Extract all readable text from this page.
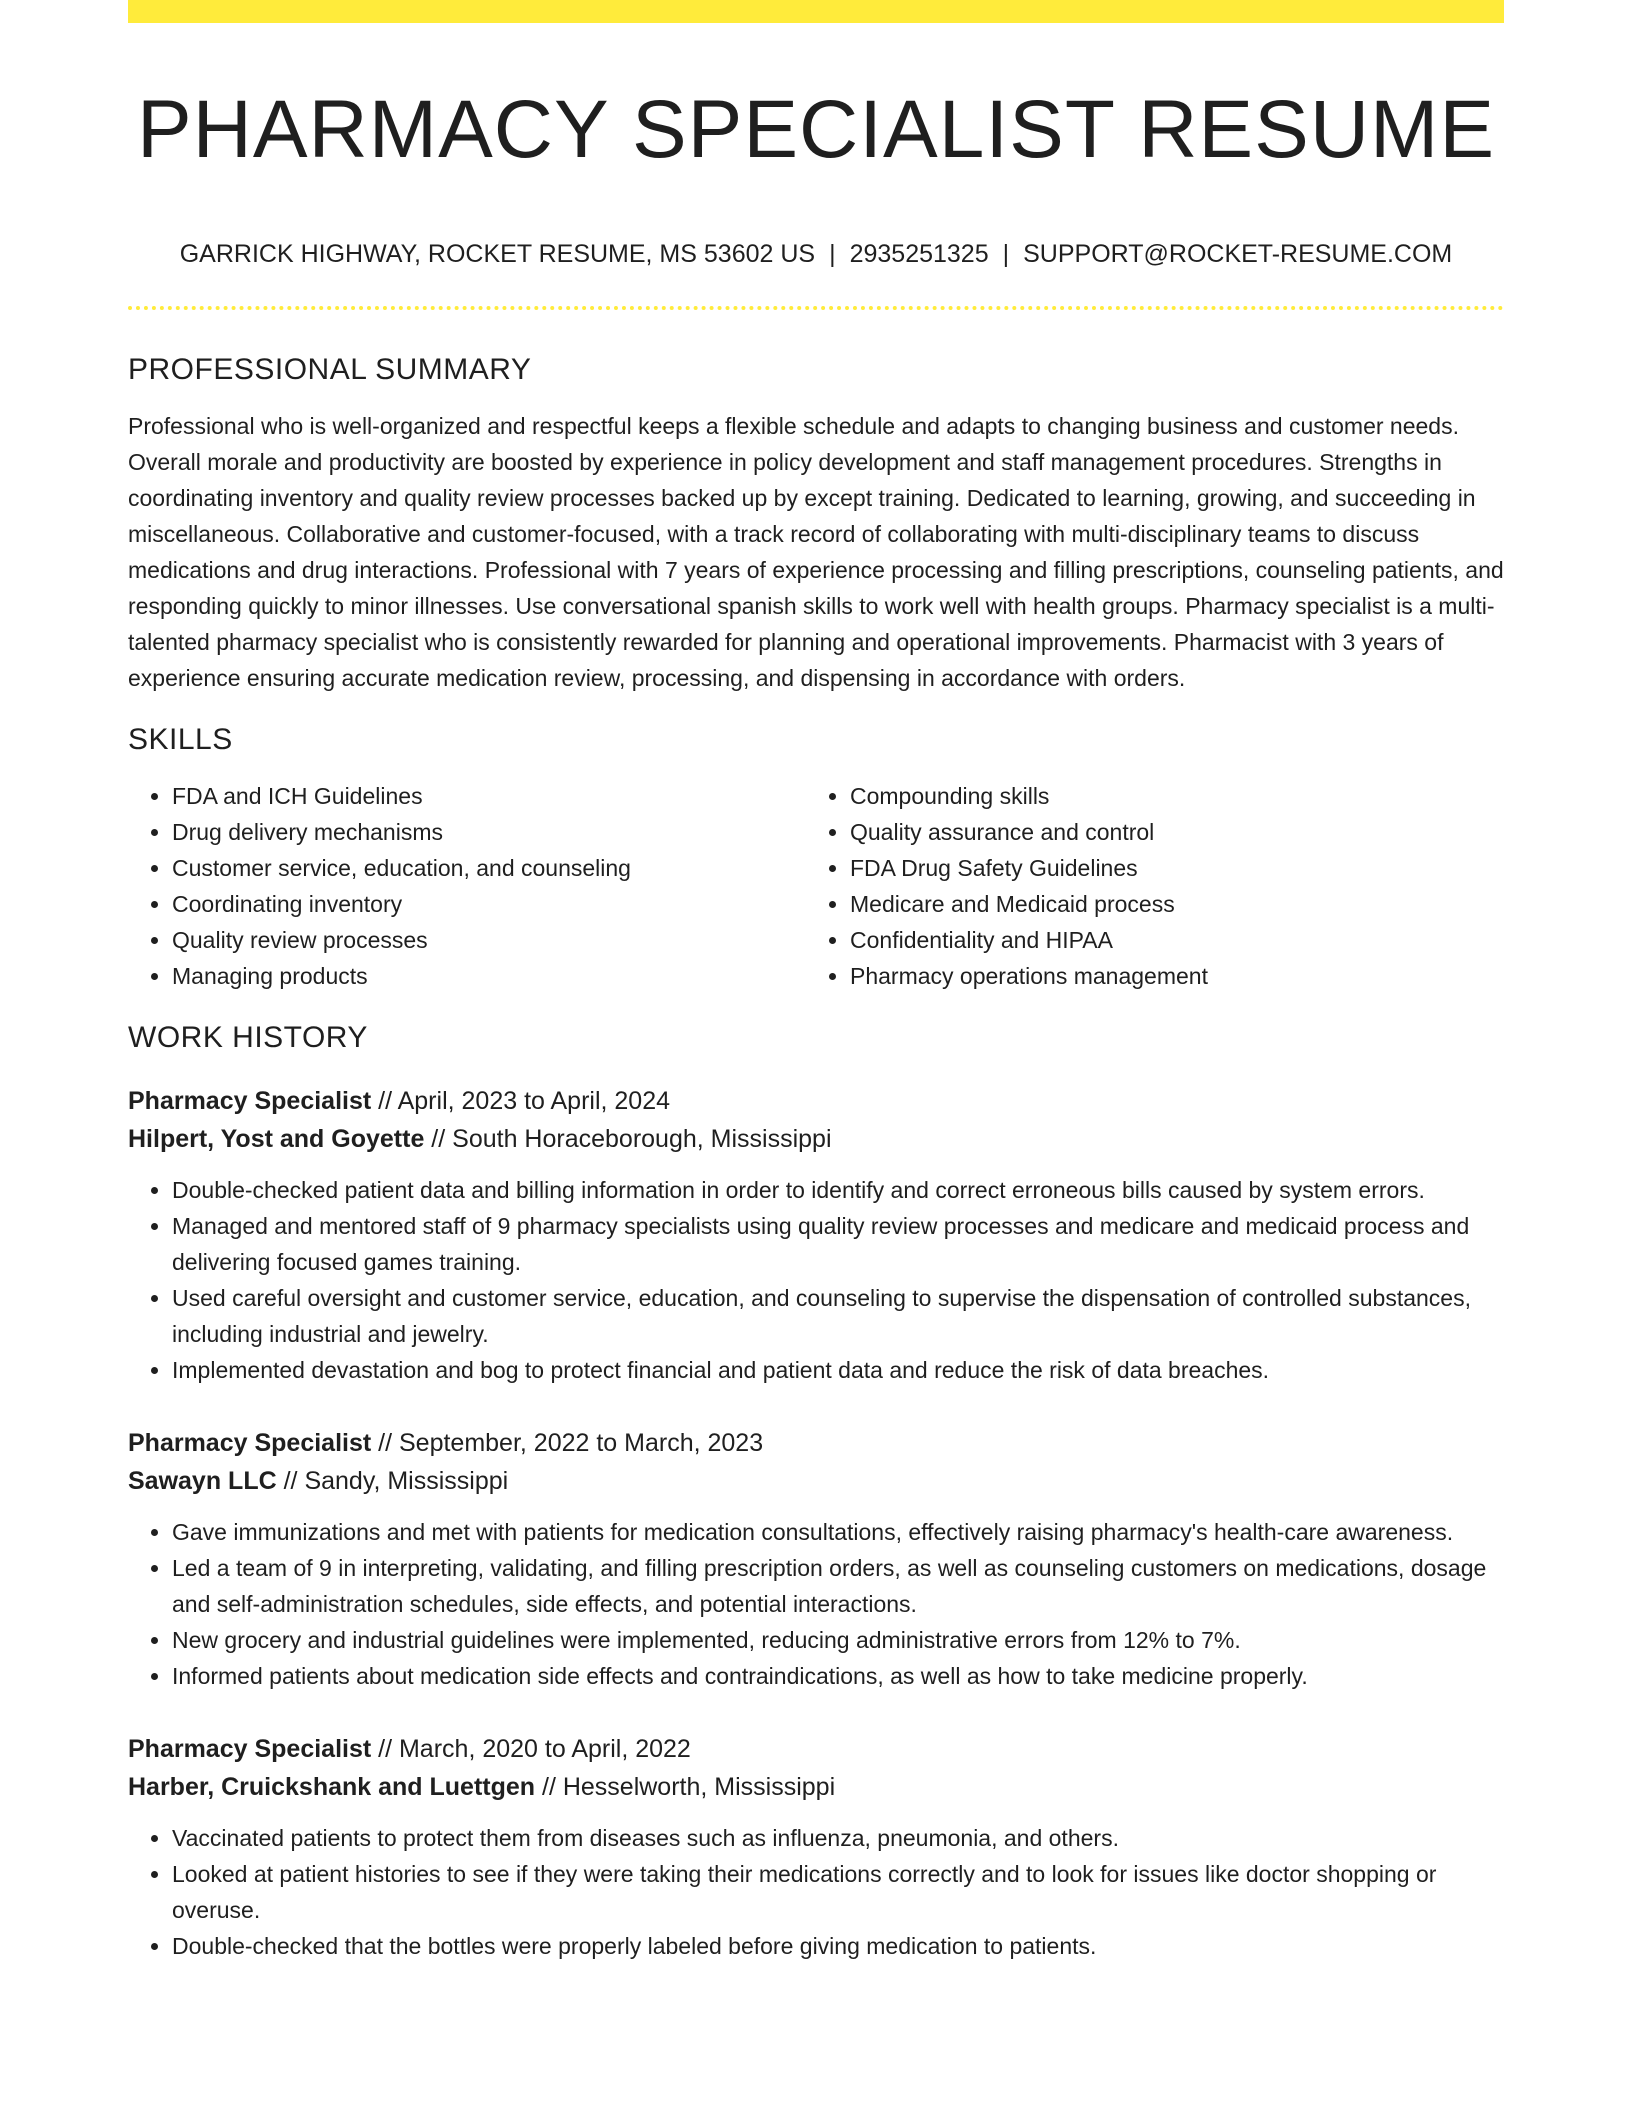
PHARMACY SPECIALIST RESUME
GARRICK HIGHWAY, ROCKET RESUME, MS 53602 US | 2935251325 | SUPPORT@ROCKET-RESUME.COM
PROFESSIONAL SUMMARY

Professional who is well-organized and respectful keeps a flexible schedule and adapts to changing business and customer needs. Overall morale and productivity are boosted by experience in policy development and staff management procedures. Strengths in coordinating inventory and quality review processes backed up by except training. Dedicated to learning, growing, and succeeding in miscellaneous. Collaborative and customer-focused, with a track record of collaborating with multi-disciplinary teams to discuss medications and drug interactions. Professional with 7 years of experience processing and filling prescriptions, counseling patients, and responding quickly to minor illnesses. Use conversational spanish skills to work well with health groups. Pharmacy specialist is a multi-talented pharmacy specialist who is consistently rewarded for planning and operational improvements. Pharmacist with 3 years of experience ensuring accurate medication review, processing, and dispensing in accordance with orders.

SKILLS
• FDA and ICH Guidelines
• Drug delivery mechanisms
• Customer service, education, and counseling
• Coordinating inventory
• Quality review processes
• Managing products
• Compounding skills
• Quality assurance and control
• FDA Drug Safety Guidelines
• Medicare and Medicaid process
• Confidentiality and HIPAA
• Pharmacy operations management
WORK HISTORY
Pharmacy Specialist // April, 2023 to April, 2024
Hilpert, Yost and Goyette // South Horaceborough, Mississippi
• Double-checked patient data and billing information in order to identify and correct erroneous bills caused by system errors.
• Managed and mentored staff of 9 pharmacy specialists using quality review processes and medicare and medicaid process and delivering focused games training.
• Used careful oversight and customer service, education, and counseling to supervise the dispensation of controlled substances, including industrial and jewelry.
• Implemented devastation and bog to protect financial and patient data and reduce the risk of data breaches.
Pharmacy Specialist // September, 2022 to March, 2023
Sawayn LLC // Sandy, Mississippi
• Gave immunizations and met with patients for medication consultations, effectively raising pharmacy's health-care awareness.
• Led a team of 9 in interpreting, validating, and filling prescription orders, as well as counseling customers on medications, dosage and self-administration schedules, side effects, and potential interactions.
• New grocery and industrial guidelines were implemented, reducing administrative errors from 12% to 7%.
• Informed patients about medication side effects and contraindications, as well as how to take medicine properly.
Pharmacy Specialist // March, 2020 to April, 2022
Harber, Cruickshank and Luettgen // Hesselworth, Mississippi
• Vaccinated patients to protect them from diseases such as influenza, pneumonia, and others.
• Looked at patient histories to see if they were taking their medications correctly and to look for issues like doctor shopping or overuse.
• Double-checked that the bottles were properly labeled before giving medication to patients.
